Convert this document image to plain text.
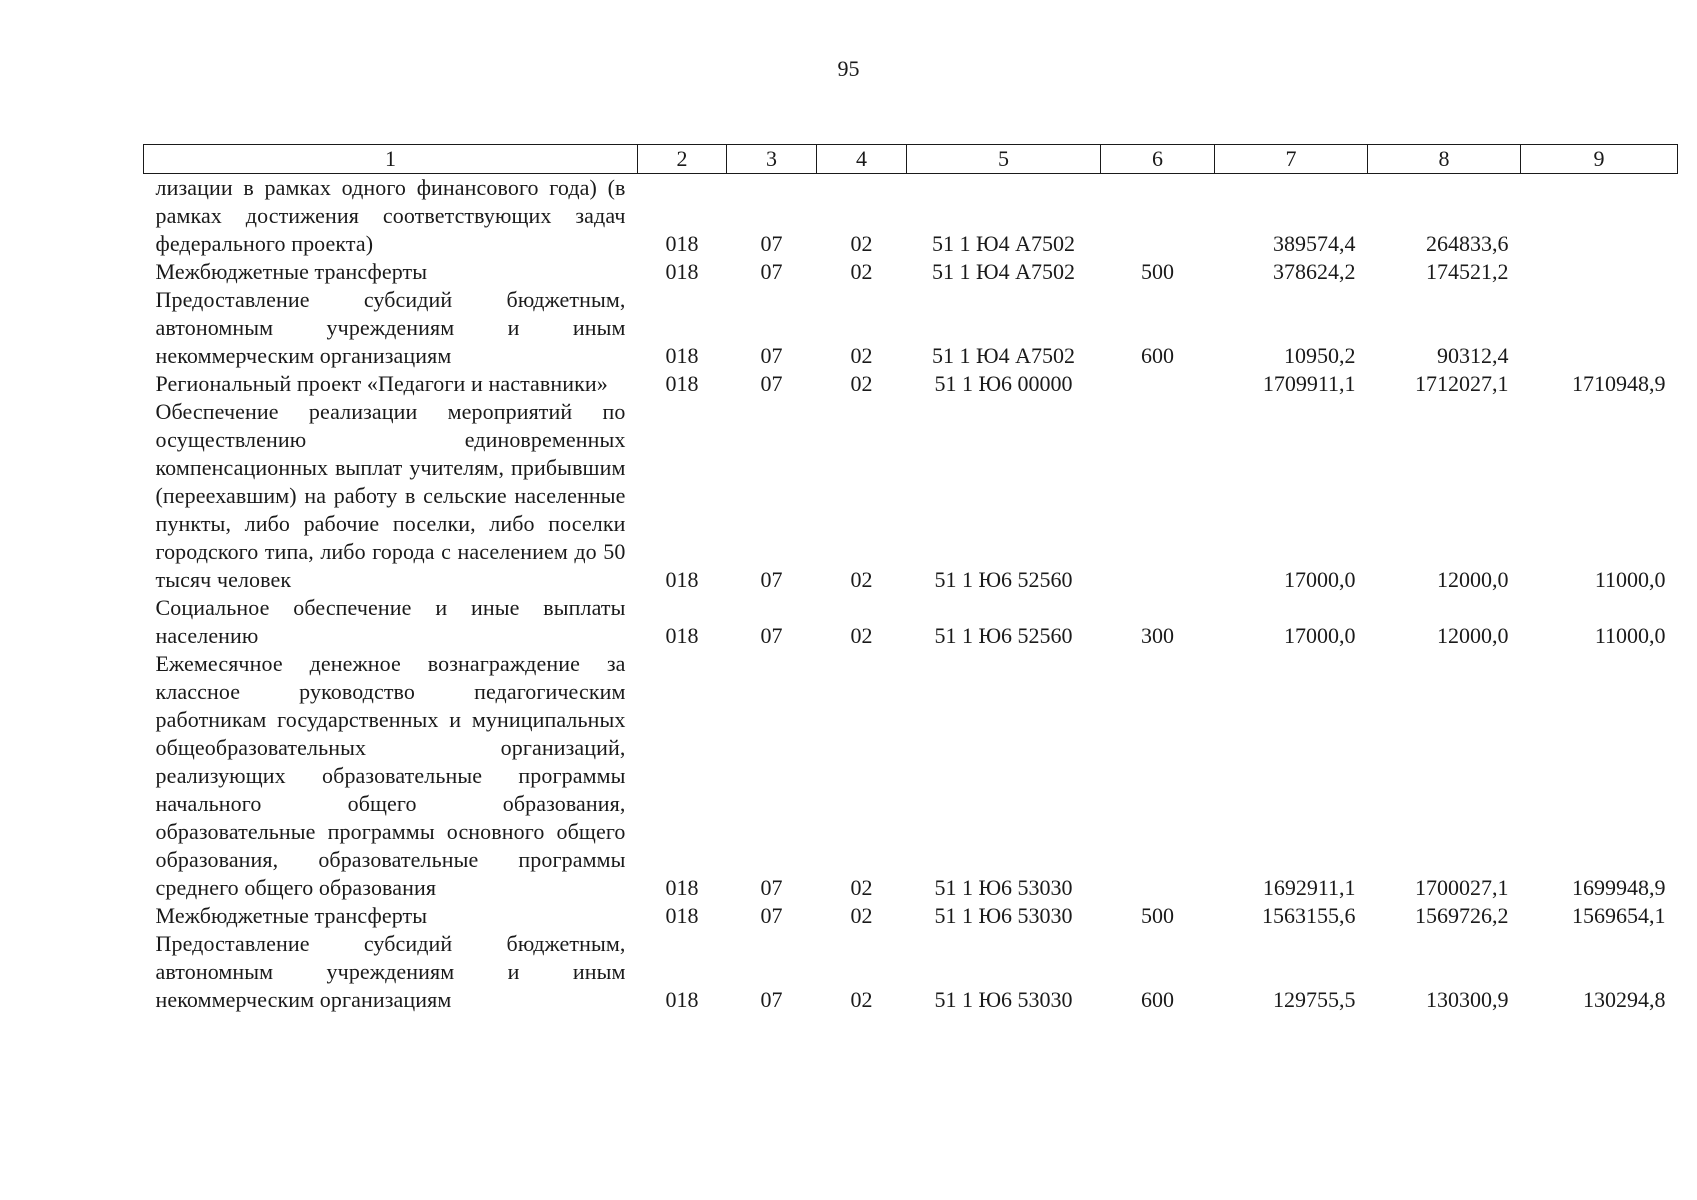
95
1	2	3	4	5	6	7	8	9
лизации в рамках одного финансового года) (в рамках достижения соответствующих задач федерального проекта)	018	07	02	51 1 Ю4 А7502		389574,4	264833,6	
Межбюджетные трансферты	018	07	02	51 1 Ю4 А7502	500	378624,2	174521,2	
Предоставление субсидий бюджетным, автономным учреждениям и иным некоммерческим организациям	018	07	02	51 1 Ю4 А7502	600	10950,2	90312,4	
Региональный проект «Педагоги и наставники»	018	07	02	51 1 Ю6 00000		1709911,1	1712027,1	1710948,9
Обеспечение реализации мероприятий по осуществлению единовременных компенсационных выплат учителям, прибывшим (переехавшим) на работу в сельские населенные пункты, либо рабочие поселки, либо поселки городского типа, либо города с населением до 50 тысяч человек	018	07	02	51 1 Ю6 52560		17000,0	12000,0	11000,0
Социальное обеспечение и иные выплаты населению	018	07	02	51 1 Ю6 52560	300	17000,0	12000,0	11000,0
Ежемесячное денежное вознаграждение за классное руководство педагогическим работникам государственных и муниципальных общеобразовательных организаций, реализующих образовательные программы начального общего образования, образовательные программы основного общего образования, образовательные программы среднего общего образования	018	07	02	51 1 Ю6 53030		1692911,1	1700027,1	1699948,9
Межбюджетные трансферты	018	07	02	51 1 Ю6 53030	500	1563155,6	1569726,2	1569654,1
Предоставление субсидий бюджетным, автономным учреждениям и иным некоммерческим организациям	018	07	02	51 1 Ю6 53030	600	129755,5	130300,9	130294,8
